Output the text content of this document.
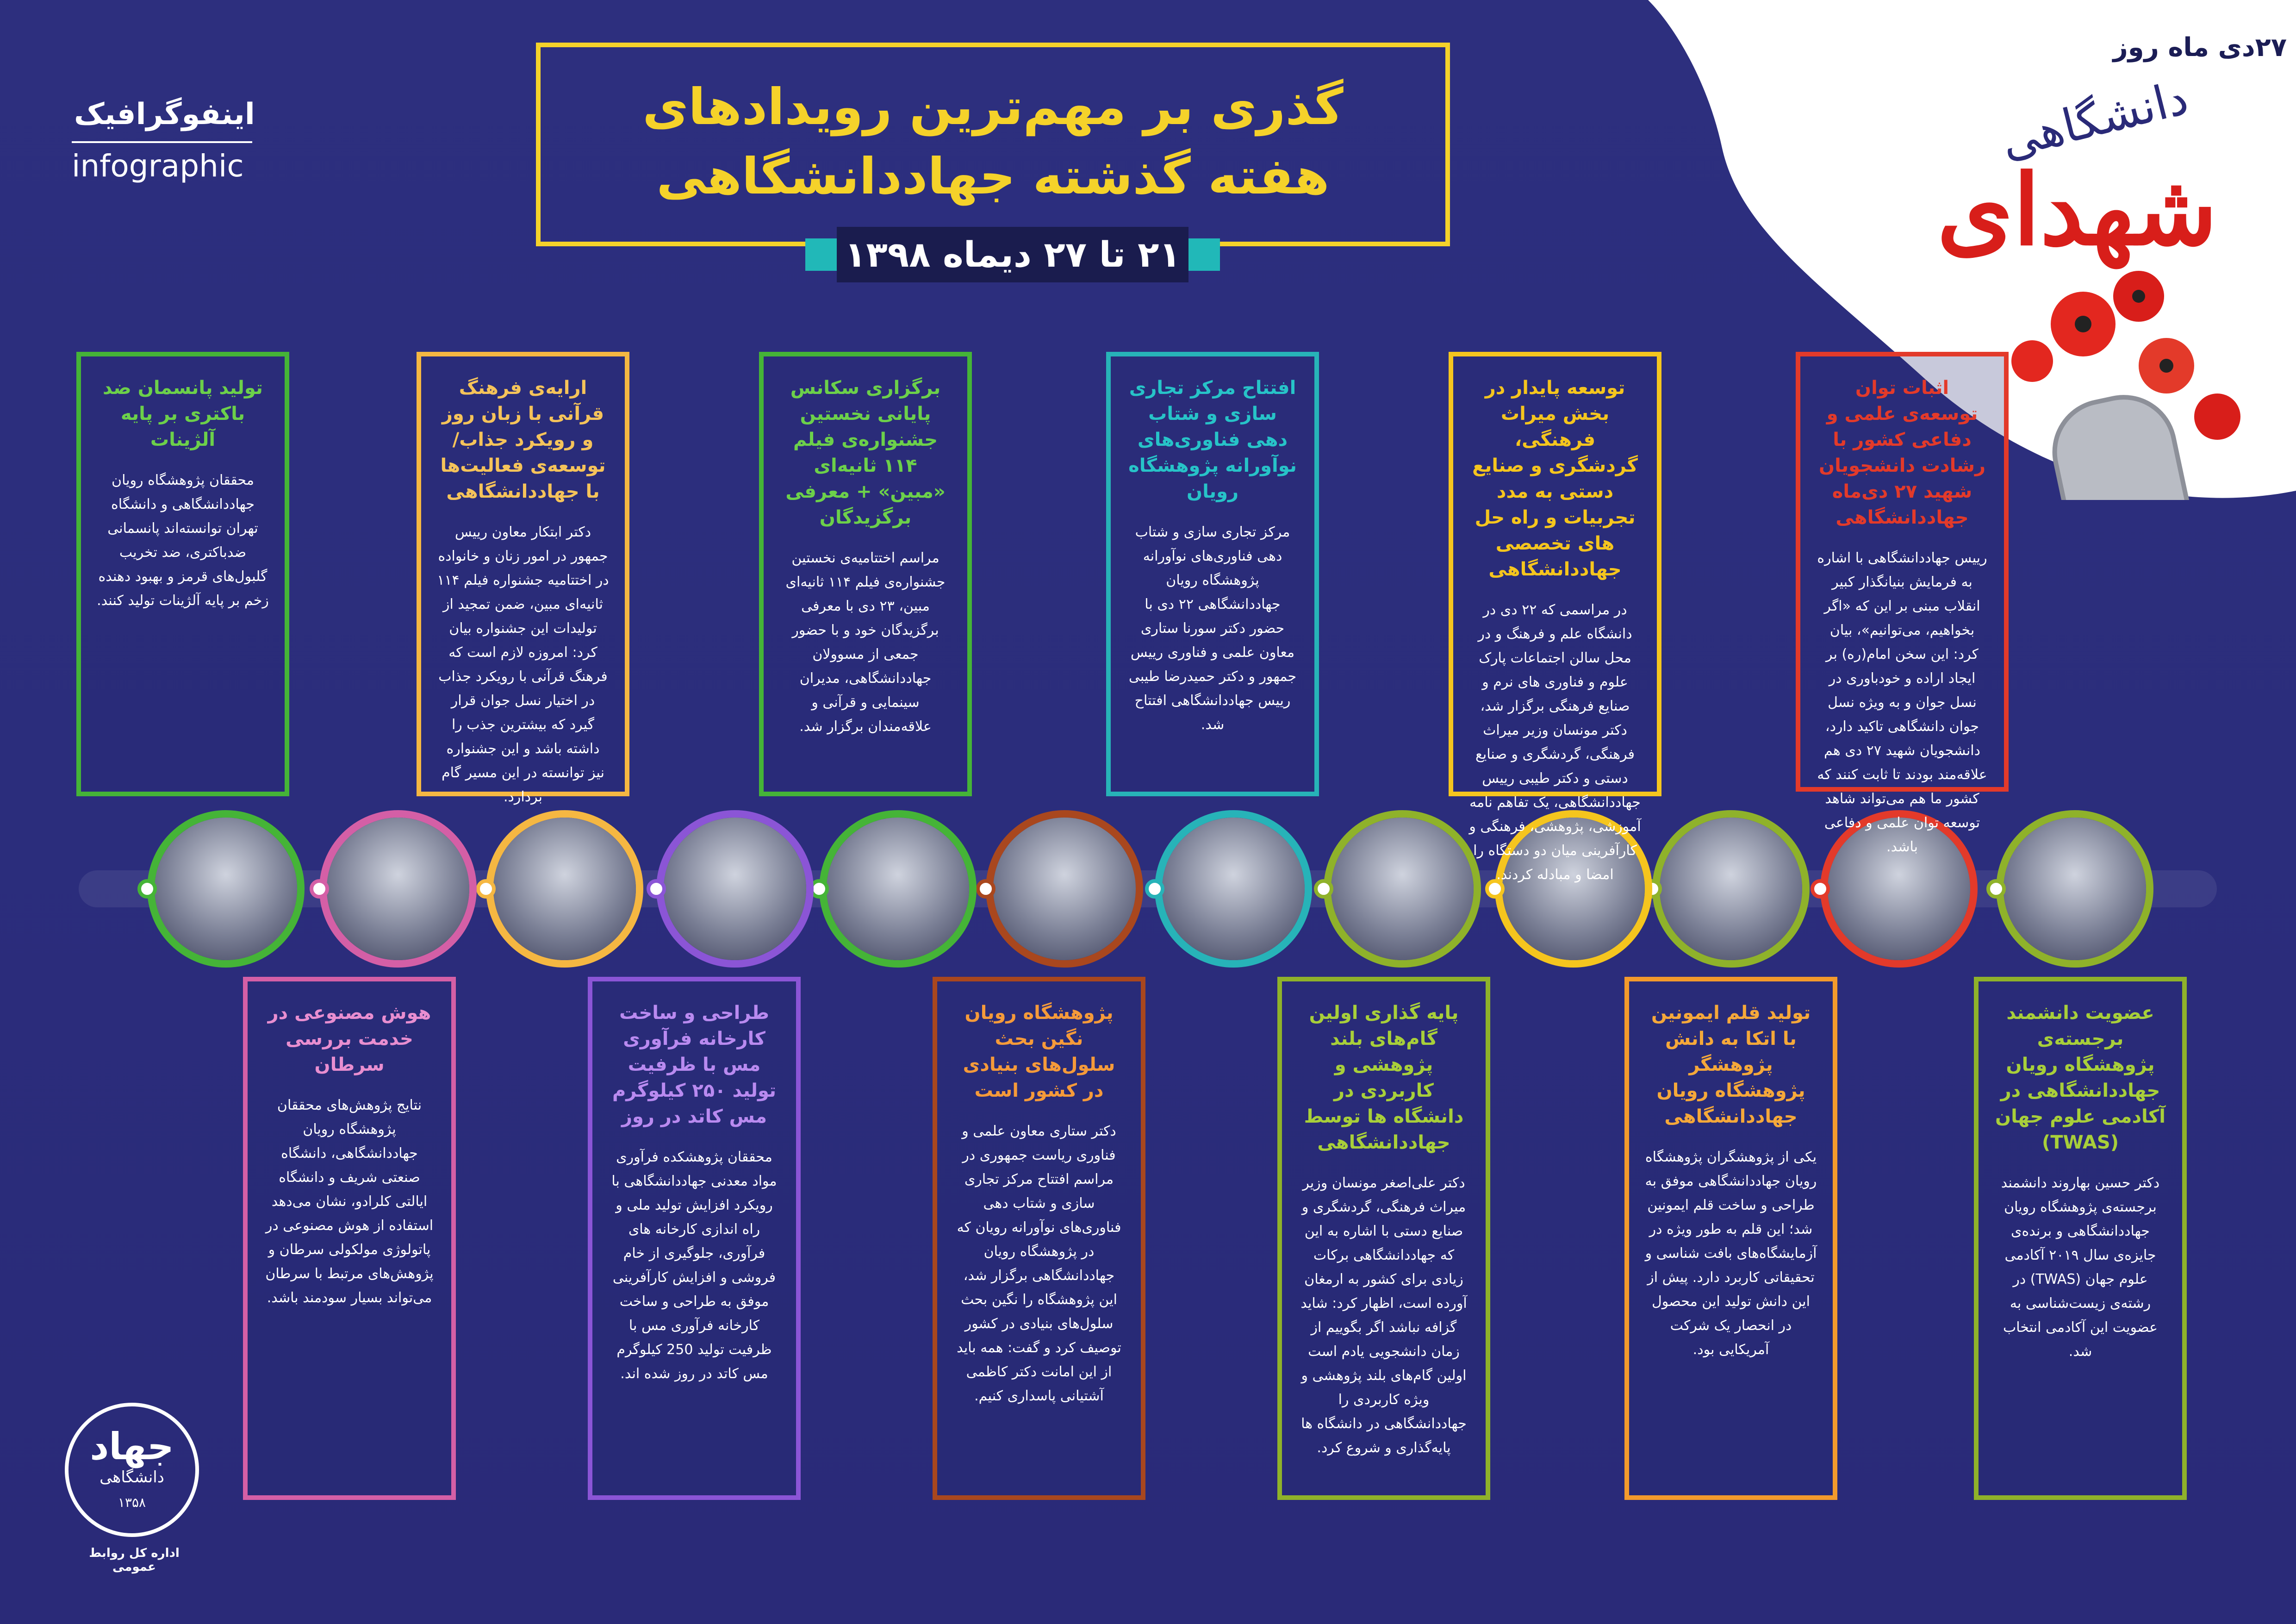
۲۷دی ماه روز
دانشگاهی
شهدای
اینفوگرافیک
infographic
گذری بر مهم‌ترین رویدادهای
هفته گذشته جهاددانشگاهی
۲۱ تا ۲۷ دیماه ۱۳۹۸
اثبات توان توسعه‌ی علمی و دفاعی کشور با رشادت دانشجویان شهید ۲۷ دی‌ماه جهاددانشگاهی
رییس جهاددانشگاهی با اشاره به فرمایش بنیانگذار کبیر انقلاب مبنی بر این که «اگر بخواهیم، می‌توانیم»، بیان کرد: این سخن امام(ره) بر ایجاد اراده و خودباوری در نسل جوان و به ویژه نسل جوان دانشگاهی تاکید دارد، دانشجویان شهید ۲۷ دی هم علاقه‌مند بودند تا ثابت کنند که کشور ما هم می‌تواند شاهد توسعه توان علمی و دفاعی باشد.
توسعه پایدار در بخش میراث فرهنگی، گردشگری و صنایع دستی به مدد تجربیات و راه حل های تخصصی جهاددانشگاهی
در مراسمی که ۲۲ دی در دانشگاه علم و فرهنگ و در محل سالن اجتماعات پارک علوم و فناوری های نرم و صنایع فرهنگی برگزار شد، دکتر مونسان وزیر میراث فرهنگی، گردشگری و صنایع دستی و دکتر طیبی رییس جهاددانشگاهی، یک تفاهم نامه آموزشی، پژوهشی، فرهنگی و کارآفرینی میان دو دستگاه را امضا و مبادله کردند.
افتتاح مرکز تجاری سازی و شتاب دهی فناوری‌های نوآورانه پژوهشگاه رویان
مرکز تجاری سازی و شتاب دهی فناوری‌های نوآورانه پژوهشگاه رویان جهاددانشگاهی ۲۲ دی با حضور دکتر سورنا ستاری معاون علمی و فناوری رییس جمهور و دکتر حمیدرضا طیبی رییس جهاددانشگاهی افتتاح شد.
برگزاری سکانس پایانی نخستین جشنواره‌ی فیلم ۱۱۴ ثانیه‌ای «مبین» + معرفی برگزیدگان
مراسم اختتامیه‌ی نخستین جشنواره‌ی فیلم ۱۱۴ ثانیه‌ای مبین، ۲۳ دی با معرفی برگزیدگان خود و با حضور جمعی از مسوولان جهاددانشگاهی، مدیران سینمایی و قرآنی و علاقه‌مندان برگزار شد.
ارایه‌ی فرهنگ قرآنی با زبان روز و رویکرد جذاب/ توسعه‌ی فعالیت‌ها با جهاددانشگاهی
دکتر ابتکار معاون رییس جمهور در امور زنان و خانواده در اختتامیه جشنواره فیلم ۱۱۴ ثانیه‌ای مبین، ضمن تمجید از تولیدات این جشنواره بیان کرد: امروزه لازم است که فرهنگ قرآنی با رویکرد جذاب در اختیار نسل جوان قرار گیرد که بیشترین جذب را داشته باشد و این جشنواره نیز توانسته در این مسیر گام بردارد.
تولید پانسمان ضد باکتری بر پایه آلژینات
محققان پژوهشگاه رویان جهاددانشگاهی و دانشگاه تهران توانسته‌اند پانسمانی ضدباکتری، ضد تخریب گلبول‌های قرمز و بهبود دهنده زخم بر پایه آلژینات تولید کنند.
عضویت دانشمند برجسته‌ی پژوهشگاه رویان جهاددانشگاهی در آکادمی علوم جهان (TWAS)
دکتر حسین بهاروند دانشمند برجسته‌ی پژوهشگاه رویان جهاددانشگاهی و برنده‌ی جایزه‌ی سال ۲۰۱۹ آکادمی علوم جهان (TWAS) در رشته‌ی زیست‌شناسی به عضویت این آکادمی انتخاب شد.
تولید قلم ایمونین با اتکا به دانش پژوهشگر پژوهشگاه رویان جهاددانشگاهی
یکی از پژوهشگران پژوهشگاه رویان جهاددانشگاهی موفق به طراحی و ساخت قلم ایمونین شد؛ این قلم به طور ویژه در آزمایشگاه‌های بافت شناسی و تحقیقاتی کاربرد دارد. پیش از این دانش تولید این محصول در انحصار یک شرکت آمریکایی بود.
پایه گذاری اولین گام‌های بلند پژوهشی و کاربردی در دانشگاه ها توسط جهاددانشگاهی
دکتر علی‌اصغر مونسان وزیر میراث فرهنگی، گردشگری و صنایع دستی با اشاره به این که جهاددانشگاهی برکات زیادی برای کشور به ارمغان آورده است، اظهار کرد: شاید گزافه نباشد اگر بگوییم از زمان دانشجویی یادم است اولین گام‌های بلند پژوهشی و ویژه کاربردی را جهاددانشگاهی در دانشگاه ها پایه‌گذاری و شروع کرد.
پژوهشگاه رویان نگین بحث سلول‌های بنیادی در کشور است
دکتر ستاری معاون علمی و فناوری ریاست جمهوری در مراسم افتتاح مرکز تجاری سازی و شتاب دهی فناوری‌های نوآورانه رویان که در پژوهشگاه رویان جهاددانشگاهی برگزار شد، این پژوهشگاه را نگین بحث سلول‌های بنیادی در کشور توصیف کرد و گفت: همه باید از این امانت دکتر کاظمی آشتیانی پاسداری کنیم.
طراحی و ساخت کارخانه فرآوری مس با ظرفیت تولید ۲۵۰ کیلوگرم مس کاتد در روز
محققان پژوهشکده فرآوری مواد معدنی جهاددانشگاهی با رویکرد افزایش تولید ملی و راه اندازی کارخانه های فرآوری، جلوگیری از خام فروشی و افزایش کارآفرینی موفق به طراحی و ساخت کارخانه فرآوری مس با ظرفیت تولید 250 کیلوگرم مس کاتد در روز شده اند.
هوش مصنوعی در خدمت بررسی سرطان
نتایج پژوهش‌های محققان پژوهشگاه رویان جهاددانشگاهی، دانشگاه صنعتی شریف و دانشگاه ایالتی کلرادو، نشان می‌دهد استفاده از هوش مصنوعی در پاتولوژی مولکولی سرطان و پژوهش‌های مرتبط با سرطان می‌تواند بسیار سودمند باشد.
جهاد
دانشگاهی
۱۳۵۸
اداره کل روابط عمومی
